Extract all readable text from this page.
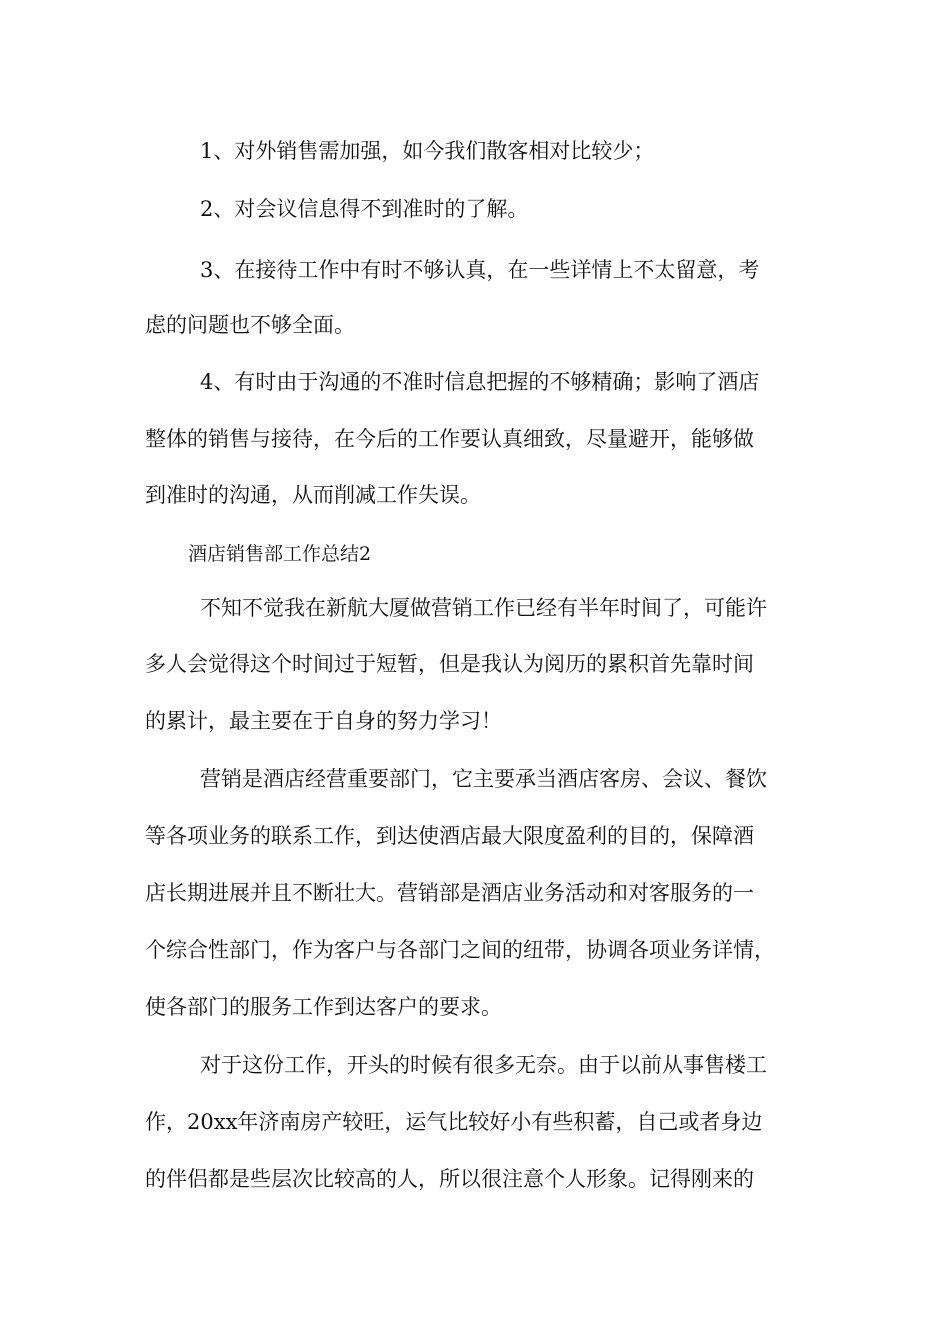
1、对外销售需加强，如今我们散客相对比较少；
2、对会议信息得不到准时的了解。
3、在接待工作中有时不够认真，在一些详情上不太留意，考
虑的问题也不够全面。
4、有时由于沟通的不准时信息把握的不够精确；影响了酒店
整体的销售与接待，在今后的工作要认真细致，尽量避开，能够做
到准时的沟通，从而削减工作失误。
酒店销售部工作总结2
不知不觉我在新航大厦做营销工作已经有半年时间了，可能许
多人会觉得这个时间过于短暂，但是我认为阅历的累积首先靠时间
的累计，最主要在于自身的努力学习！
营销是酒店经营重要部门，它主要承当酒店客房、会议、餐饮
等各项业务的联系工作，到达使酒店最大限度盈利的目的，保障酒
店长期进展并且不断壮大。营销部是酒店业务活动和对客服务的一
个综合性部门，作为客户与各部门之间的纽带，协调各项业务详情，
使各部门的服务工作到达客户的要求。
对于这份工作，开头的时候有很多无奈。由于以前从事售楼工
作，20xx年济南房产较旺，运气比较好小有些积蓄，自己或者身边
的伴侣都是些层次比较高的人，所以很注意个人形象。记得刚来的
